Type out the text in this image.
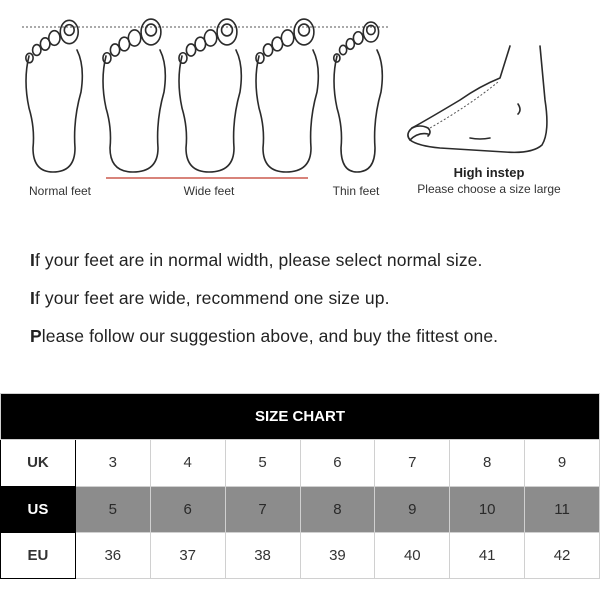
Normal feet	Wide feet	Thin feet
High instep
Please choose a size large

If your feet are in normal width, please select normal size.

If your feet are wide, recommend one size up.

Please follow our suggestion above, and buy the fittest one.

SIZE CHART							
UK	3	4	5	6	7	8	9
US	5	6	7	8	9	10	11
EU	36	37	38	39	40	41	42
